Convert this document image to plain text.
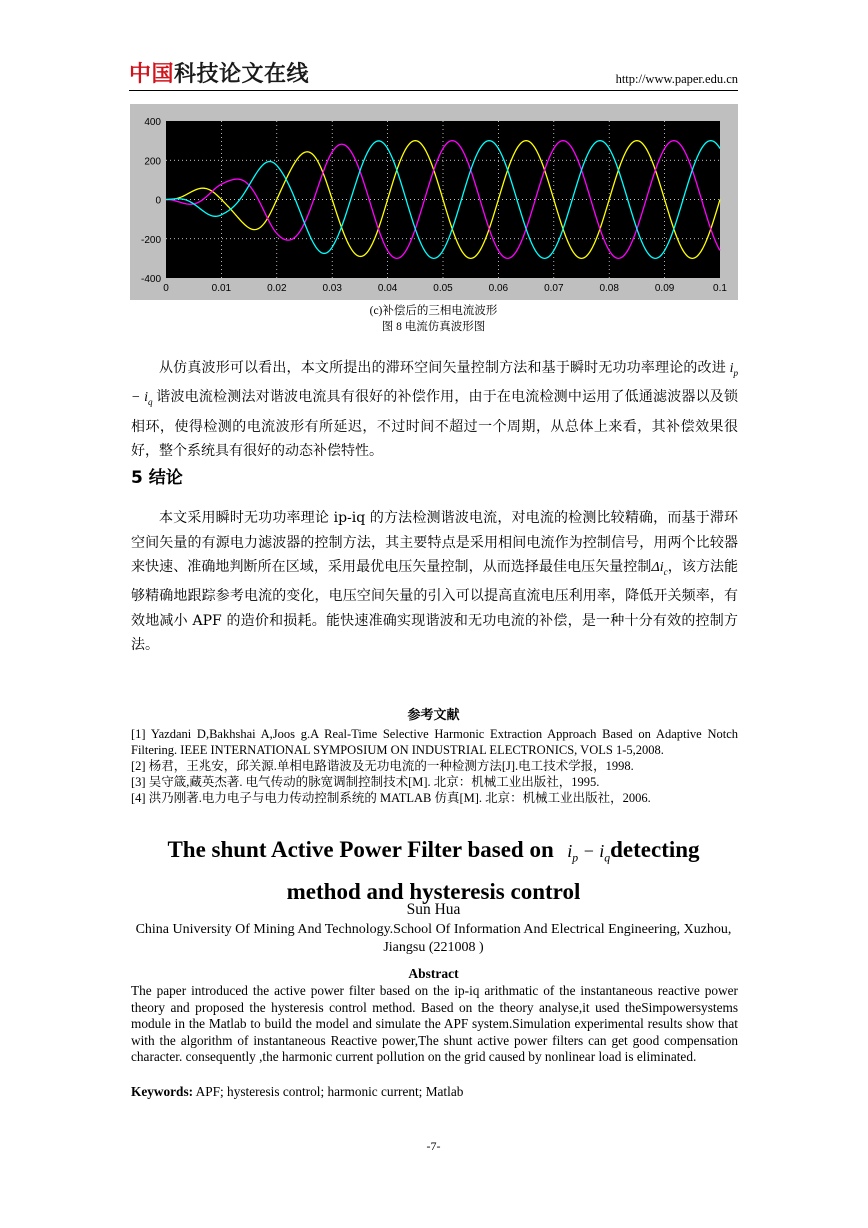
中国科技论文在线	http://www.paper.edu.cn
400
200
0
-200
-400
0	0.01	0.02	0.03	0.04	0.05	0.06	0.07	0.08	0.09	0.1
(c)补偿后的三相电流波形
图 8 电流仿真波形图

从仿真波形可以看出，本文所提出的滞环空间矢量控制方法和基于瞬时无功功率理论的改进 $i_p - i_q$ 谐波电流检测法对谐波电流具有很好的补偿作用，由于在电流检测中运用了低通滤波器以及锁相环，使得检测的电流波形有所延迟，不过时间不超过一个周期，从总体上来看，其补偿效果很好，整个系统具有很好的动态补偿特性。

5 结论

本文采用瞬时无功功率理论 ip-iq 的方法检测谐波电流，对电流的检测比较精确，而基于滞环空间矢量的有源电力滤波器的控制方法，其主要特点是采用相间电流作为控制信号，用两个比较器来快速、准确地判断所在区域，采用最优电压矢量控制，从而选择最佳电压矢量控制$\Delta i_c$，该方法能够精确地跟踪参考电流的变化，电压空间矢量的引入可以提高直流电压利用率，降低开关频率，有效地减小 APF 的造价和损耗。能快速准确实现谐波和无功电流的补偿，是一种十分有效的控制方法。

参考文献
[1] Yazdani D,Bakhshai A,Joos g.A Real-Time Selective Harmonic Extraction Approach Based on Adaptive Notch Filtering. IEEE INTERNATIONAL SYMPOSIUM ON INDUSTRIAL ELECTRONICS, VOLS 1-5,2008.
[2] 杨君，王兆安，邱关源.单相电路谐波及无功电流的一种检测方法[J].电工技术学报，1998.
[3] 吴守箴,藏英杰著. 电气传动的脉宽调制控制技术[M]. 北京：机械工业出版社，1995.
[4] 洪乃刚著.电力电子与电力传动控制系统的 MATLAB 仿真[M]. 北京：机械工业出版社，2006.
The shunt Active Power Filter based on   $i_p$ − $i_qdetecting$
method and hysteresis control
Sun Hua
China University Of Mining And Technology.School Of Information And Electrical Engineering, Xuzhou, Jiangsu (221008 )
Abstract
The paper introduced the active power filter based on the ip-iq arithmatic of the instantaneous reactive power theory and proposed the hysteresis control method. Based on the theory analyse,it used theSimpowersystems module in the Matlab to build the model and simulate the APF system.Simulation experimental results show that with the algorithm of instantaneous Reactive power,The shunt active power filters can get good compensation character. consequently ,the harmonic current pollution on the grid caused by nonlinear load is eliminated.
Keywords: APF; hysteresis control; harmonic current; Matlab
-7-
